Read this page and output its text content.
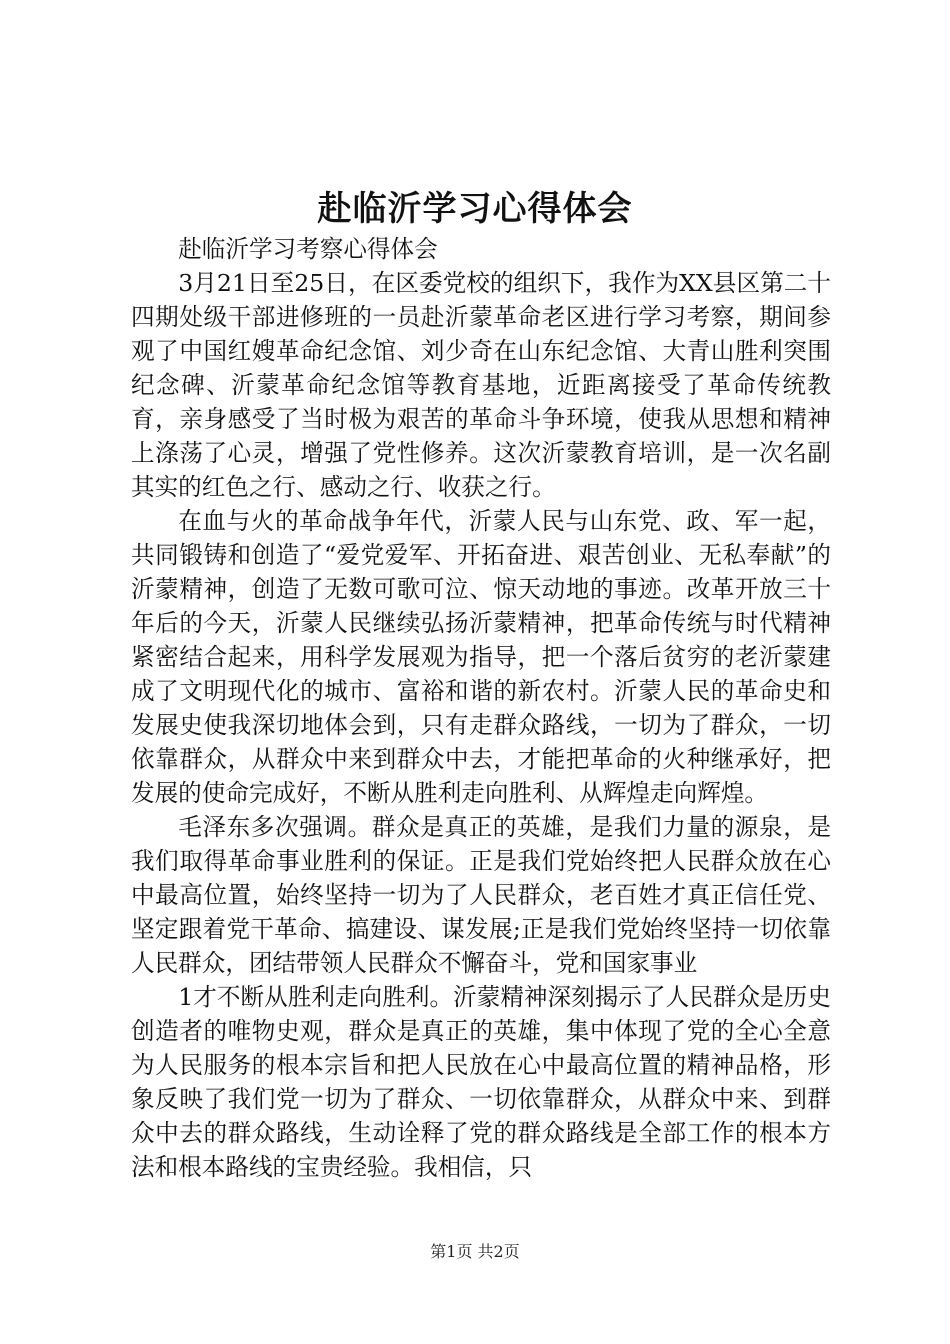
赴临沂学习心得体会

赴临沂学习考察心得体会

3月21日至25日，在区委党校的组织下，我作为XX县区第二十四期处级干部进修班的一员赴沂蒙革命老区进行学习考察，期间参观了中国红嫂革命纪念馆、刘少奇在山东纪念馆、大青山胜利突围纪念碑、沂蒙革命纪念馆等教育基地，近距离接受了革命传统教育，亲身感受了当时极为艰苦的革命斗争环境，使我从思想和精神上涤荡了心灵，增强了党性修养。这次沂蒙教育培训，是一次名副其实的红色之行、感动之行、收获之行。

在血与火的革命战争年代，沂蒙人民与山东党、政、军一起，共同锻铸和创造了“爱党爱军、开拓奋进、艰苦创业、无私奉献”的沂蒙精神，创造了无数可歌可泣、惊天动地的事迹。改革开放三十年后的今天，沂蒙人民继续弘扬沂蒙精神，把革命传统与时代精神紧密结合起来，用科学发展观为指导，把一个落后贫穷的老沂蒙建成了文明现代化的城市、富裕和谐的新农村。沂蒙人民的革命史和发展史使我深切地体会到，只有走群众路线，一切为了群众，一切依靠群众，从群众中来到群众中去，才能把革命的火种继承好，把发展的使命完成好，不断从胜利走向胜利、从辉煌走向辉煌。

毛泽东多次强调。群众是真正的英雄，是我们力量的源泉，是我们取得革命事业胜利的保证。正是我们党始终把人民群众放在心中最高位置，始终坚持一切为了人民群众，老百姓才真正信任党、坚定跟着党干革命、搞建设、谋发展;正是我们党始终坚持一切依靠人民群众，团结带领人民群众不懈奋斗，党和国家事业

1才不断从胜利走向胜利。沂蒙精神深刻揭示了人民群众是历史创造者的唯物史观，群众是真正的英雄，集中体现了党的全心全意为人民服务的根本宗旨和把人民放在心中最高位置的精神品格，形象反映了我们党一切为了群众、一切依靠群众，从群众中来、到群众中去的群众路线，生动诠释了党的群众路线是全部工作的根本方法和根本路线的宝贵经验。我相信，只

第1页 共2页
